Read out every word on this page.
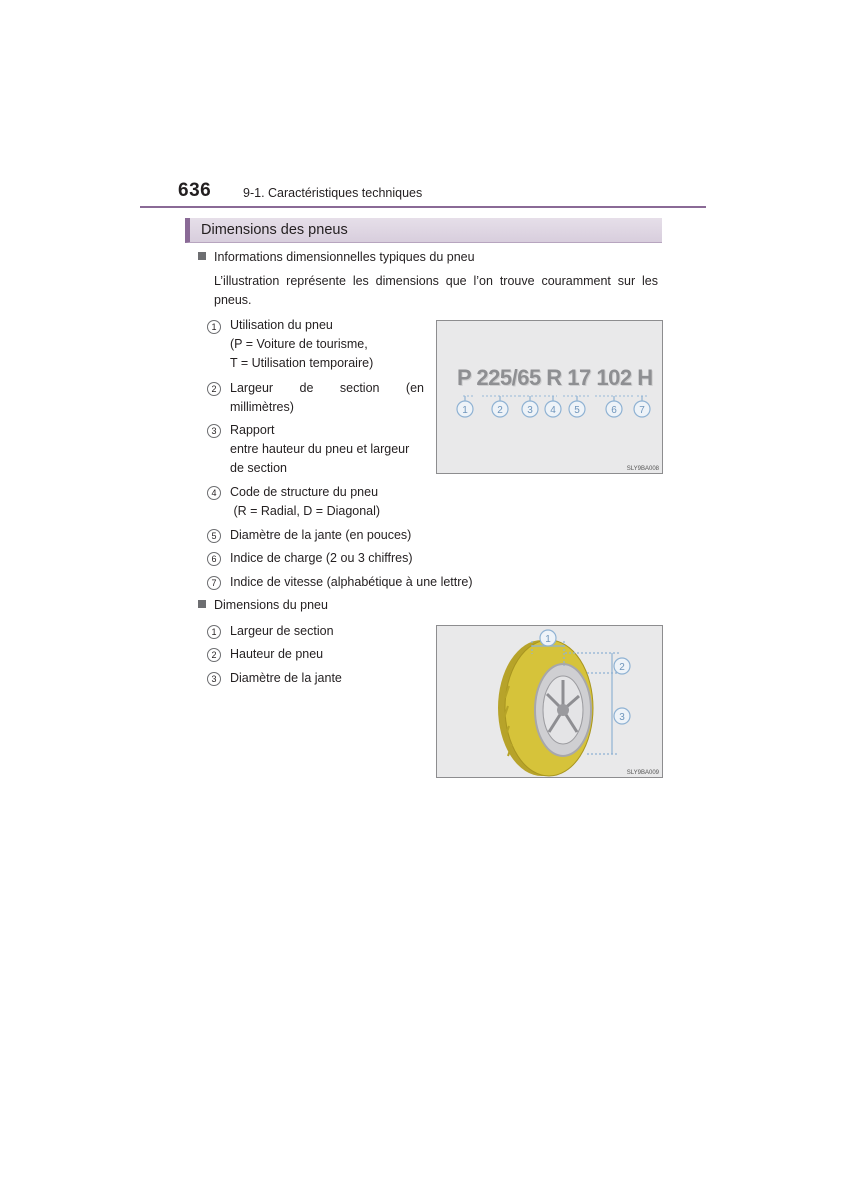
636	9-1. Caractéristiques techniques
Dimensions des pneus
Informations dimensionnelles typiques du pneu
L’illustration représente les dimensions que l’on trouve couramment sur les pneus.
1	Utilisation du pneu
(P = Voiture de tourisme,
T = Utilisation temporaire)
2	Largeur de section (en
millimètres)
3	Rapport
entre hauteur du pneu et largeur
de section
4	Code de structure du pneu
(R = Radial, D = Diagonal)
5	Diamètre de la jante (en pouces)
6	Indice de charge (2 ou 3 chiffres)
7	Indice de vitesse (alphabétique à une lettre)
P 225/65 R 17 102 H
1	2 3 4 5	6 7
SLY9BA008
Dimensions du pneu
1	Largeur de section
2	Hauteur de pneu
3	Diamètre de la jante
1
2
3
SLY9BA009
